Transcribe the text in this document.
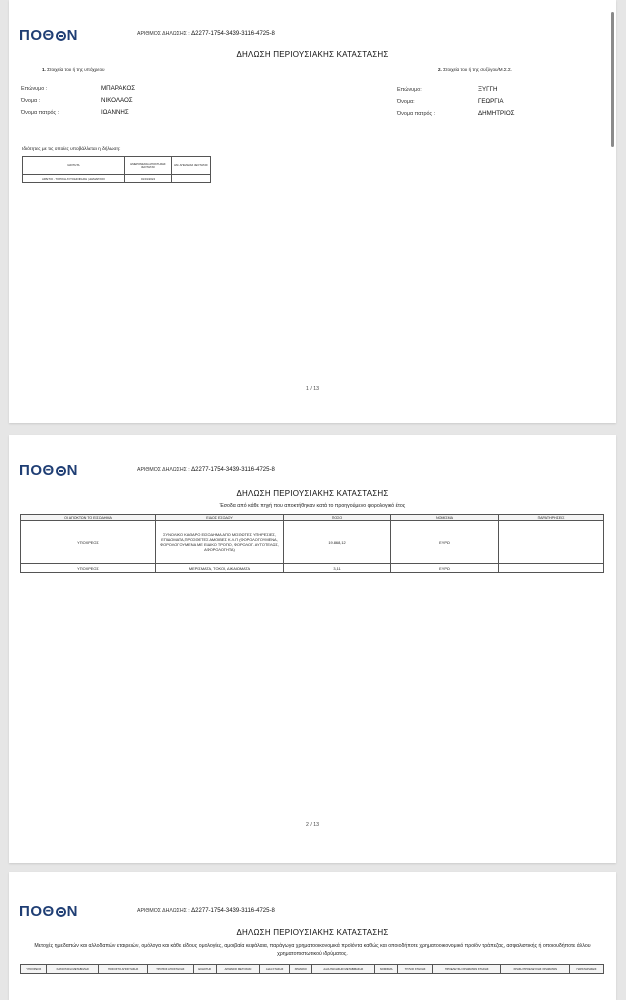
ΠΟΘ Ν	ΑΡΙΘΜΟΣ ΔΗΛΩΣΗΣ : Δ2277-1754-3439-3116-4725-8
ΔΗΛΩΣΗ ΠΕΡΙΟΥΣΙΑΚΗΣ ΚΑΤΑΣΤΑΣΗΣ
1. Στοιχεία του ή της υπόχρεου	2. Στοιχεία του ή της συζύγου/Μ.Σ.Σ.
Επώνυμο :	ΜΠΑΡΑΚΟΣ
Όνομα :	ΝΙΚΟΛΑΟΣ
Όνομα πατρός :	ΙΩΑΝΝΗΣ
Επώνυμο:	ΞΥΓΓΗ
Όνομα:	ΓΕΩΡΓΙΑ
Όνομα πατρός :	ΔΗΜΗΤΡΙΟΣ
Ιδιότητες με τις οποίες υποβάλλεται η δήλωση:
ΙΔΙΟΤΗΤΑ	ΗΜΕΡΟΜΗΝΙΑ ΑΠΟΚΤΗΣΗΣ ΙΔΙΟΤΗΤΑΣ	ΗΜ. ΑΠΩΛΕΙΑΣ ΙΔΙΟΤΗΤΑΣ
ΑΙΡΕΤΟΙ - ΤΟΠΙΚΗ ΑΥΤΟΔΙΟΙΚΗΣΗ | ΔΗΜΑΡΧΟΣ	01/01/2024	
1 / 13
ΠΟΘ Ν	ΑΡΙΘΜΟΣ ΔΗΛΩΣΗΣ : Δ2277-1754-3439-3116-4725-8
ΔΗΛΩΣΗ ΠΕΡΙΟΥΣΙΑΚΗΣ ΚΑΤΑΣΤΑΣΗΣ
Έσοδα από κάθε πηγή που αποκτήθηκαν κατά το προηγούμενο φορολογικό έτος
ΟΙ ΑΠΟΚΤΩΝ ΤΟ ΕΙΣΟΔΗΜΑ	ΕΙΔΟΣ ΕΣΟΔΟΥ	ΠΟΣΟ	ΝΟΜΙΣΜΑ	ΠΑΡΑΤΗΡΗΣΕΙΣ
ΥΠΟΧΡΕΟΣ	ΣΥΝΟΛΙΚΟ ΚΑΘΑΡΟ ΕΙΣΟΔΗΜΑ ΑΠΟ ΜΙΣΘΩΤΕΣ ΥΠΗΡΕΣΙΕΣ, ΕΠΙΔΟΜΑΤΑ,ΠΡΟΣΘΕΤΕΣ ΑΜΟΙΒΕΣ Κ.Λ.Π (ΦΟΡΟΛΟΓΟΥΜΕΝΑ, ΦΟΡΟΛΟΓΟΥΜΕΝΑ ΜΕ ΕΙΔΙΚΟ ΤΡΟΠΟ, ΦΟΡΟΛΟΓ. ΑΥΤΟΤΕΛΩΣ, ΑΦΟΡΟΛΟΓΗΤΑ)	19.868,12	ΕΥΡΩ	
ΥΠΟΧΡΕΟΣ	ΜΕΡΙΣΜΑΤΑ, ΤΟΚΟΙ, ΔΙΚΑΙΩΜΑΤΑ	3,11	ΕΥΡΩ	
2 / 13
ΠΟΘ Ν	ΑΡΙΘΜΟΣ ΔΗΛΩΣΗΣ : Δ2277-1754-3439-3116-4725-8
ΔΗΛΩΣΗ ΠΕΡΙΟΥΣΙΑΚΗΣ ΚΑΤΑΣΤΑΣΗΣ
Μετοχές ημεδαπών και αλλοδαπών εταιρειών, ομόλογα και κάθε είδους ομολογίες, αμοιβαία κεφάλαια, παράγωγα χρηματοοικονομικά προϊόντα καθώς και οποιοδήποτε χρηματοοικονομικό προϊόν τράπεζας, ασφαλιστικής ή οποιουδήποτε άλλου χρηματοπιστωτικού ιδρύματος.
ΥΠΟΧΡΕΟΣ	ΚΑΤΑΣΤΑΣΗ ΜΕΤΑΒΟΛΗΣ	ΠΟΣΟΣΤΟ ΑΠΟΚΤΗΣΗΣ	ΤΡΟΠΟΣ ΑΠΟΚΤΗΣΗΣ	ΕΚΔΟΤΗΣ	ΑΡΙΘΜΟΣ ΜΕΤΟΧΩΝ	ΑΞΙΑ ΚΤΗΣΗΣ	ΧΡΗΜ/ΚΟ	ΑΞΙΑ ΠΩΛΗΣΗΣ/ ΜΕΤΑΒΙΒΑΣΗΣ	ΝΟΜΙΣΜΑ	ΤΙΤΛΟΣ ΚΤΗΣΗΣ	ΠΡΟΕΛΕΥΣΗ ΧΡΗΜΑΤΩΝ ΚΤΗΣΗΣ	ΧΡΗΣΗ ΠΡΟΕΛΕΥΣΗΣ ΧΡΗΜΑΤΩΝ	ΠΑΡΑΤΗΡΗΣΕΙΣ
